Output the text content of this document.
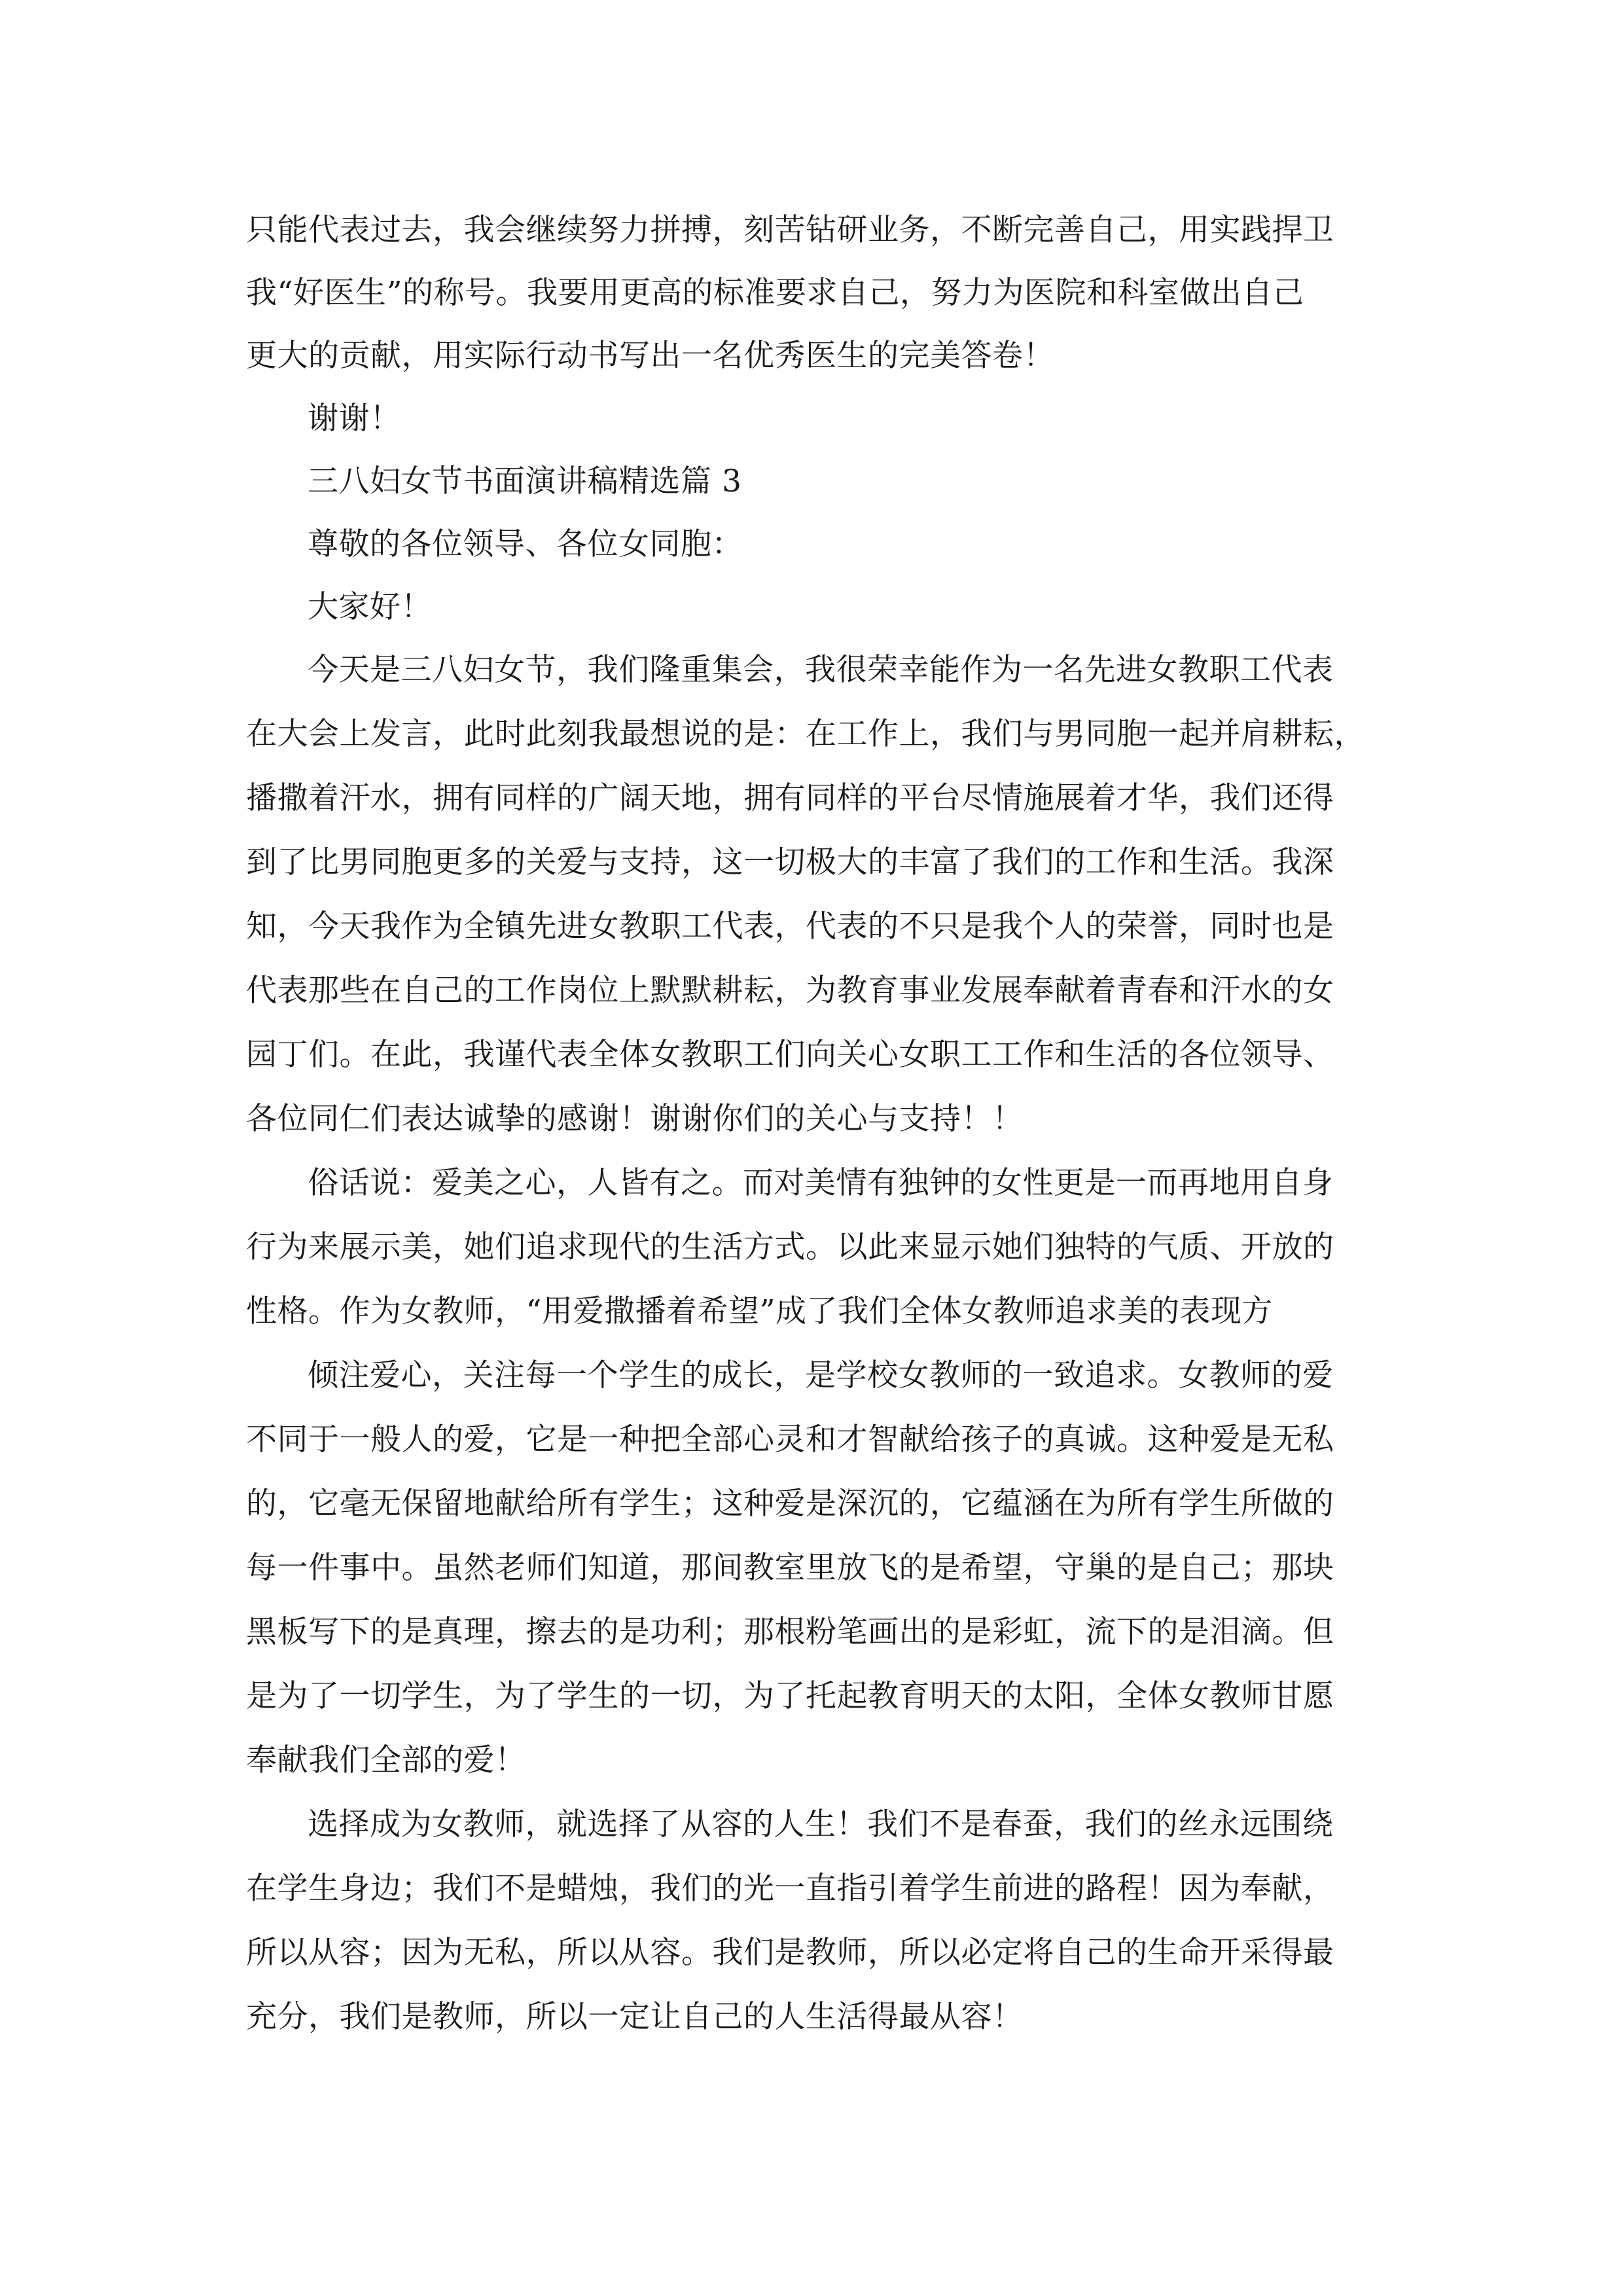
只能代表过去，我会继续努力拼搏，刻苦钻研业务，不断完善自己，用实践捍卫
我“好医生”的称号。我要用更高的标准要求自己，努力为医院和科室做出自己
更大的贡献，用实际行动书写出一名优秀医生的完美答卷！
谢谢！
三八妇女节书面演讲稿精选篇 3
尊敬的各位领导、各位女同胞：
大家好！
今天是三八妇女节，我们隆重集会，我很荣幸能作为一名先进女教职工代表
在大会上发言，此时此刻我最想说的是：在工作上，我们与男同胞一起并肩耕耘，
播撒着汗水，拥有同样的广阔天地，拥有同样的平台尽情施展着才华，我们还得
到了比男同胞更多的关爱与支持，这一切极大的丰富了我们的工作和生活。我深
知，今天我作为全镇先进女教职工代表，代表的不只是我个人的荣誉，同时也是
代表那些在自己的工作岗位上默默耕耘，为教育事业发展奉献着青春和汗水的女
园丁们。在此，我谨代表全体女教职工们向关心女职工工作和生活的各位领导、
各位同仁们表达诚挚的感谢！谢谢你们的关心与支持！！
俗话说：爱美之心，人皆有之。而对美情有独钟的女性更是一而再地用自身
行为来展示美，她们追求现代的生活方式。以此来显示她们独特的气质、开放的
性格。作为女教师，“用爱撒播着希望”成了我们全体女教师追求美的表现方
倾注爱心，关注每一个学生的成长，是学校女教师的一致追求。女教师的爱
不同于一般人的爱，它是一种把全部心灵和才智献给孩子的真诚。这种爱是无私
的，它毫无保留地献给所有学生；这种爱是深沉的，它蕴涵在为所有学生所做的
每一件事中。虽然老师们知道，那间教室里放飞的是希望，守巢的是自己；那块
黑板写下的是真理，擦去的是功利；那根粉笔画出的是彩虹，流下的是泪滴。但
是为了一切学生，为了学生的一切，为了托起教育明天的太阳，全体女教师甘愿
奉献我们全部的爱！
选择成为女教师，就选择了从容的人生！我们不是春蚕，我们的丝永远围绕
在学生身边；我们不是蜡烛，我们的光一直指引着学生前进的路程！因为奉献，
所以从容；因为无私，所以从容。我们是教师，所以必定将自己的生命开采得最
充分，我们是教师，所以一定让自己的人生活得最从容！
